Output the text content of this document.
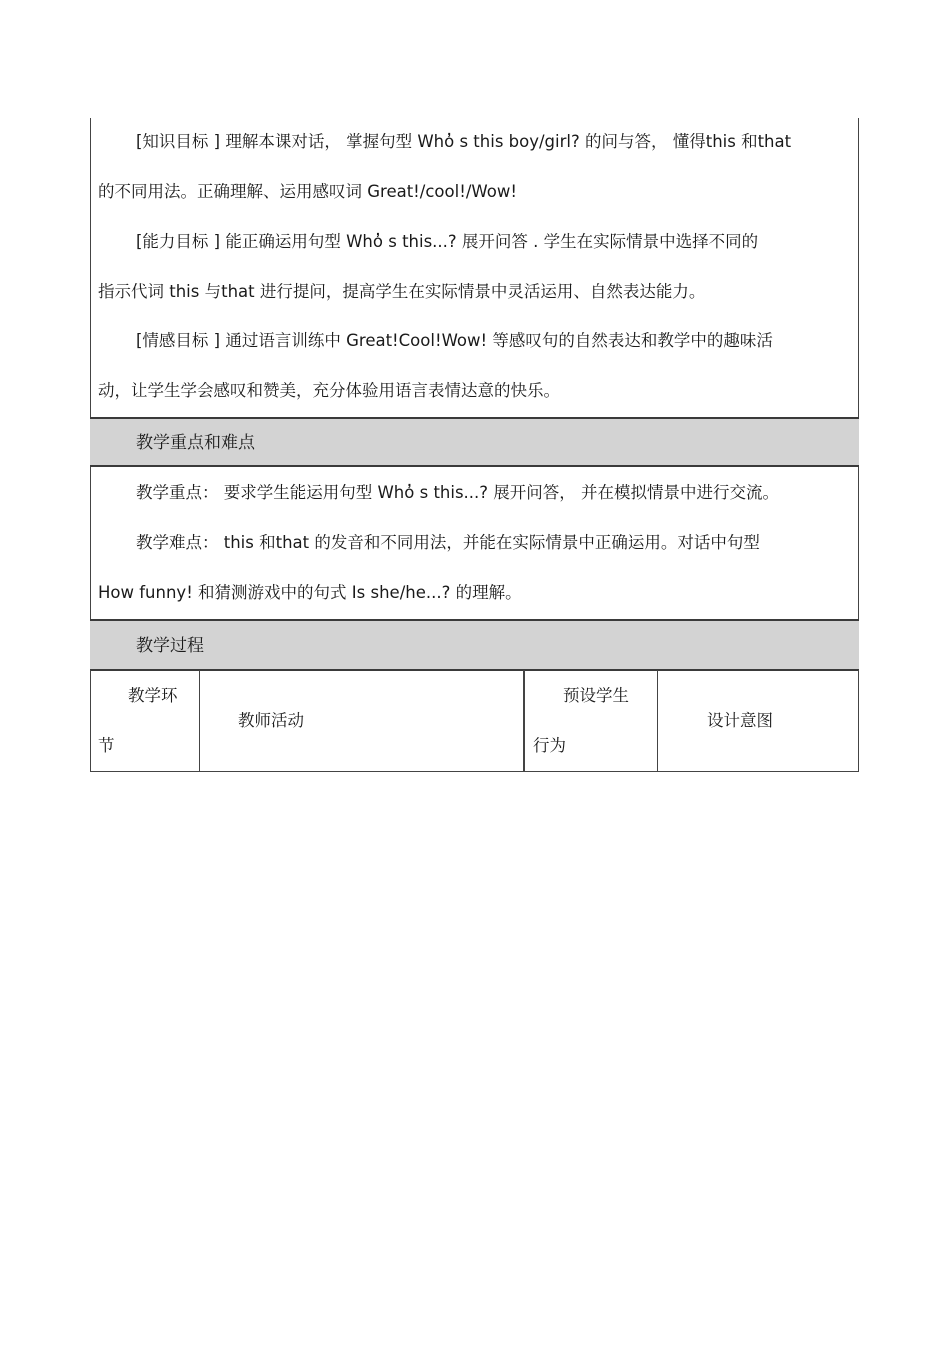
[知识目标 ] 理解本课对话， 掌握句型 Who̓ s this boy/girl? 的问与答， 懂得this 和that
的不同用法。正确理解、运用感叹词 Great!/cool!/Wow!
[能力目标 ] 能正确运用句型 Who̓ s this...? 展开问答 . 学生在实际情景中选择不同的
指示代词 this 与that 进行提问，提高学生在实际情景中灵活运用、自然表达能力。
[情感目标 ] 通过语言训练中 Great!Cool!Wow! 等感叹句的自然表达和教学中的趣味活
动，让学生学会感叹和赞美，充分体验用语言表情达意的快乐。
教学重点和难点
教学重点： 要求学生能运用句型 Who̓ s this...? 展开问答， 并在模拟情景中进行交流。
教学难点： this 和that 的发音和不同用法，并能在实际情景中正确运用。对话中句型
How funny! 和猜测游戏中的句式 Is she/he...? 的理解。
教学过程
教学环
节
教师活动
预设学生
行为
设计意图
